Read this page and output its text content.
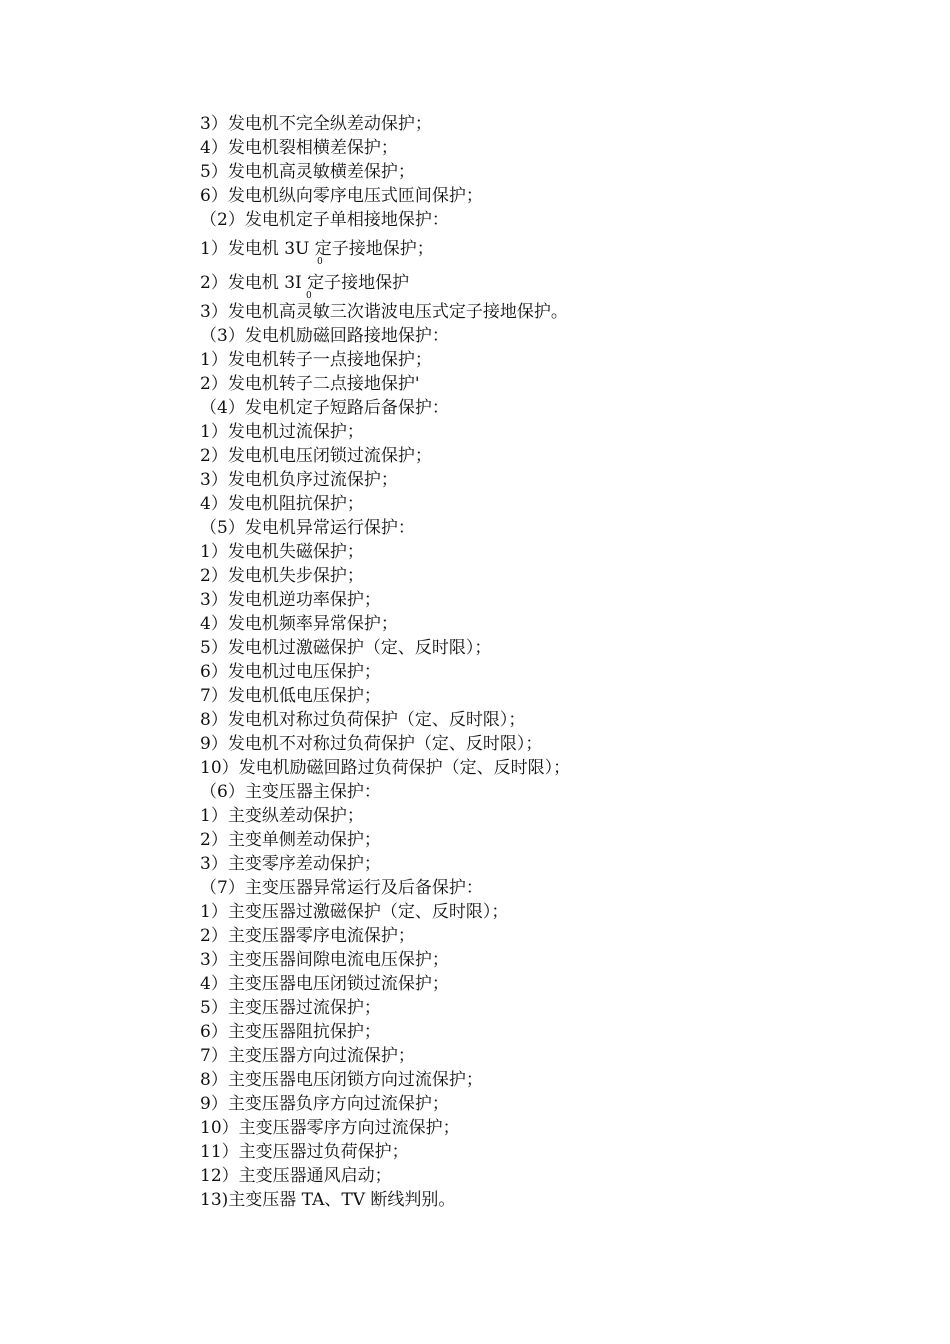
3）发电机不完全纵差动保护；
4）发电机裂相横差保护；
5）发电机高灵敏横差保护；
6）发电机纵向零序电压式匝间保护；
（2）发电机定子单相接地保护：
1）发电机 3U 定子接地保护；
0
2）发电机 3I 定子接地保护
0
3）发电机高灵敏三次谐波电压式定子接地保护。
（3）发电机励磁回路接地保护：
1）发电机转子一点接地保护；
2）发电机转子二点接地保护'
（4）发电机定子短路后备保护：
1）发电机过流保护；
2）发电机电压闭锁过流保护；
3）发电机负序过流保护；
4）发电机阻抗保护；
（5）发电机异常运行保护：
1）发电机失磁保护；
2）发电机失步保护；
3）发电机逆功率保护；
4）发电机频率异常保护；
5）发电机过激磁保护（定、反时限）；
6）发电机过电压保护；
7）发电机低电压保护；
8）发电机对称过负荷保护（定、反时限）；
9）发电机不对称过负荷保护（定、反时限）；
10）发电机励磁回路过负荷保护（定、反时限）；
（6）主变压器主保护：
1）主变纵差动保护；
2）主变单侧差动保护；
3）主变零序差动保护；
（7）主变压器异常运行及后备保护：
1）主变压器过激磁保护（定、反时限）；
2）主变压器零序电流保护；
3）主变压器间隙电流电压保护；
4）主变压器电压闭锁过流保护；
5）主变压器过流保护；
6）主变压器阻抗保护；
7）主变压器方向过流保护；
8）主变压器电压闭锁方向过流保护；
9）主变压器负序方向过流保护；
10）主变压器零序方向过流保护；
11）主变压器过负荷保护；
12）主变压器通风启动；
13)主变压器 TA、TV 断线判别。
